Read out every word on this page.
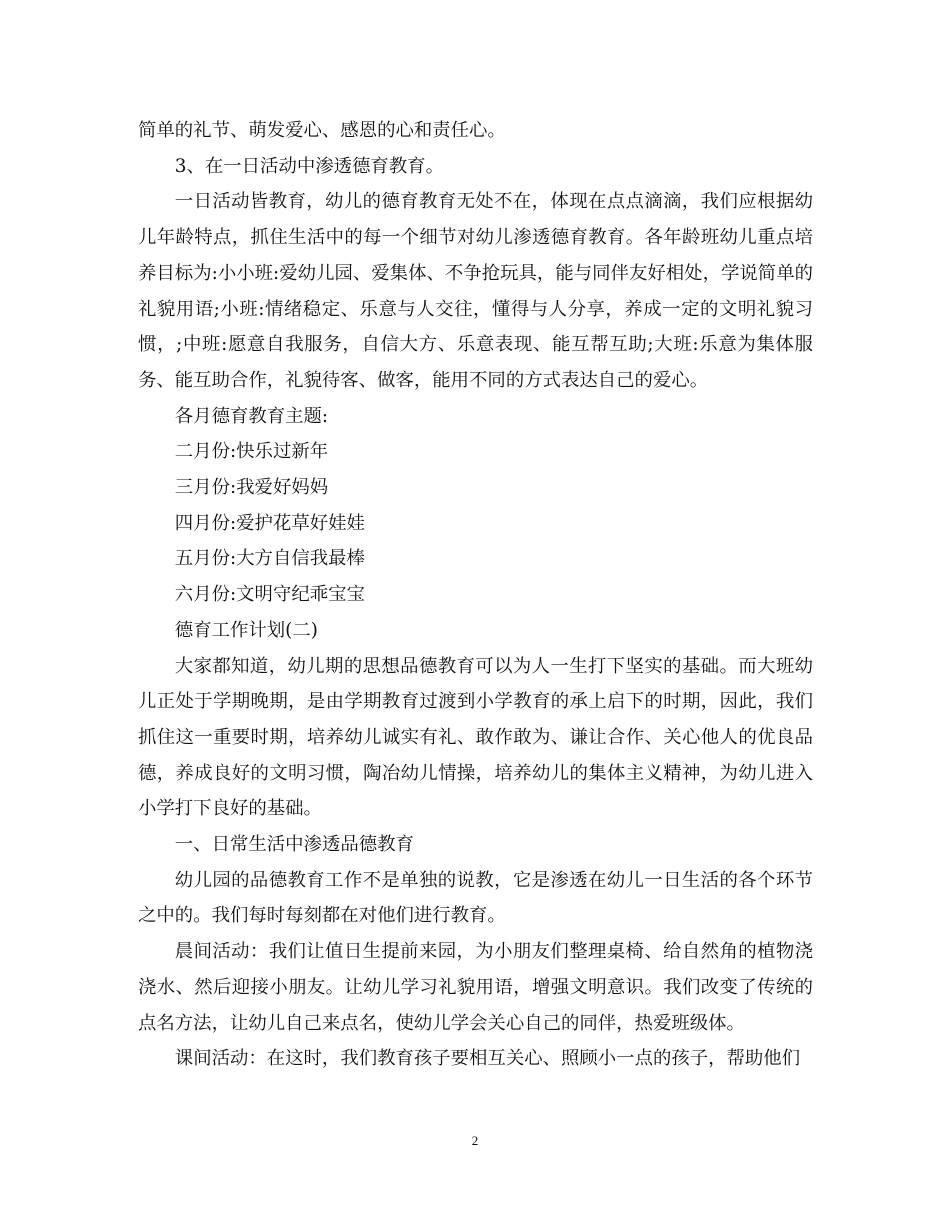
简单的礼节、萌发爱心、感恩的心和责任心。

3、在一日活动中渗透德育教育。

一日活动皆教育，幼儿的德育教育无处不在，体现在点点滴滴，我们应根据幼儿年龄特点，抓住生活中的每一个细节对幼儿渗透德育教育。各年龄班幼儿重点培养目标为:小小班:爱幼儿园、爱集体、不争抢玩具，能与同伴友好相处，学说简单的礼貌用语;小班:情绪稳定、乐意与人交往，懂得与人分享，养成一定的文明礼貌习惯，;中班:愿意自我服务，自信大方、乐意表现、能互帮互助;大班:乐意为集体服务、能互助合作，礼貌待客、做客，能用不同的方式表达自己的爱心。

各月德育教育主题:

二月份:快乐过新年

三月份:我爱好妈妈

四月份:爱护花草好娃娃

五月份:大方自信我最棒

六月份:文明守纪乖宝宝

德育工作计划(二)

大家都知道，幼儿期的思想品德教育可以为人一生打下坚实的基础。而大班幼儿正处于学期晚期，是由学期教育过渡到小学教育的承上启下的时期，因此，我们抓住这一重要时期，培养幼儿诚实有礼、敢作敢为、谦让合作、关心他人的优良品德，养成良好的文明习惯，陶冶幼儿情操，培养幼儿的集体主义精神，为幼儿进入小学打下良好的基础。

一、日常生活中渗透品德教育

幼儿园的品德教育工作不是单独的说教，它是渗透在幼儿一日生活的各个环节之中的。我们每时每刻都在对他们进行教育。

晨间活动：我们让值日生提前来园，为小朋友们整理桌椅、给自然角的植物浇浇水、然后迎接小朋友。让幼儿学习礼貌用语，增强文明意识。我们改变了传统的点名方法，让幼儿自己来点名，使幼儿学会关心自己的同伴，热爱班级体。

课间活动：在这时，我们教育孩子要相互关心、照顾小一点的孩子，帮助他们

2
